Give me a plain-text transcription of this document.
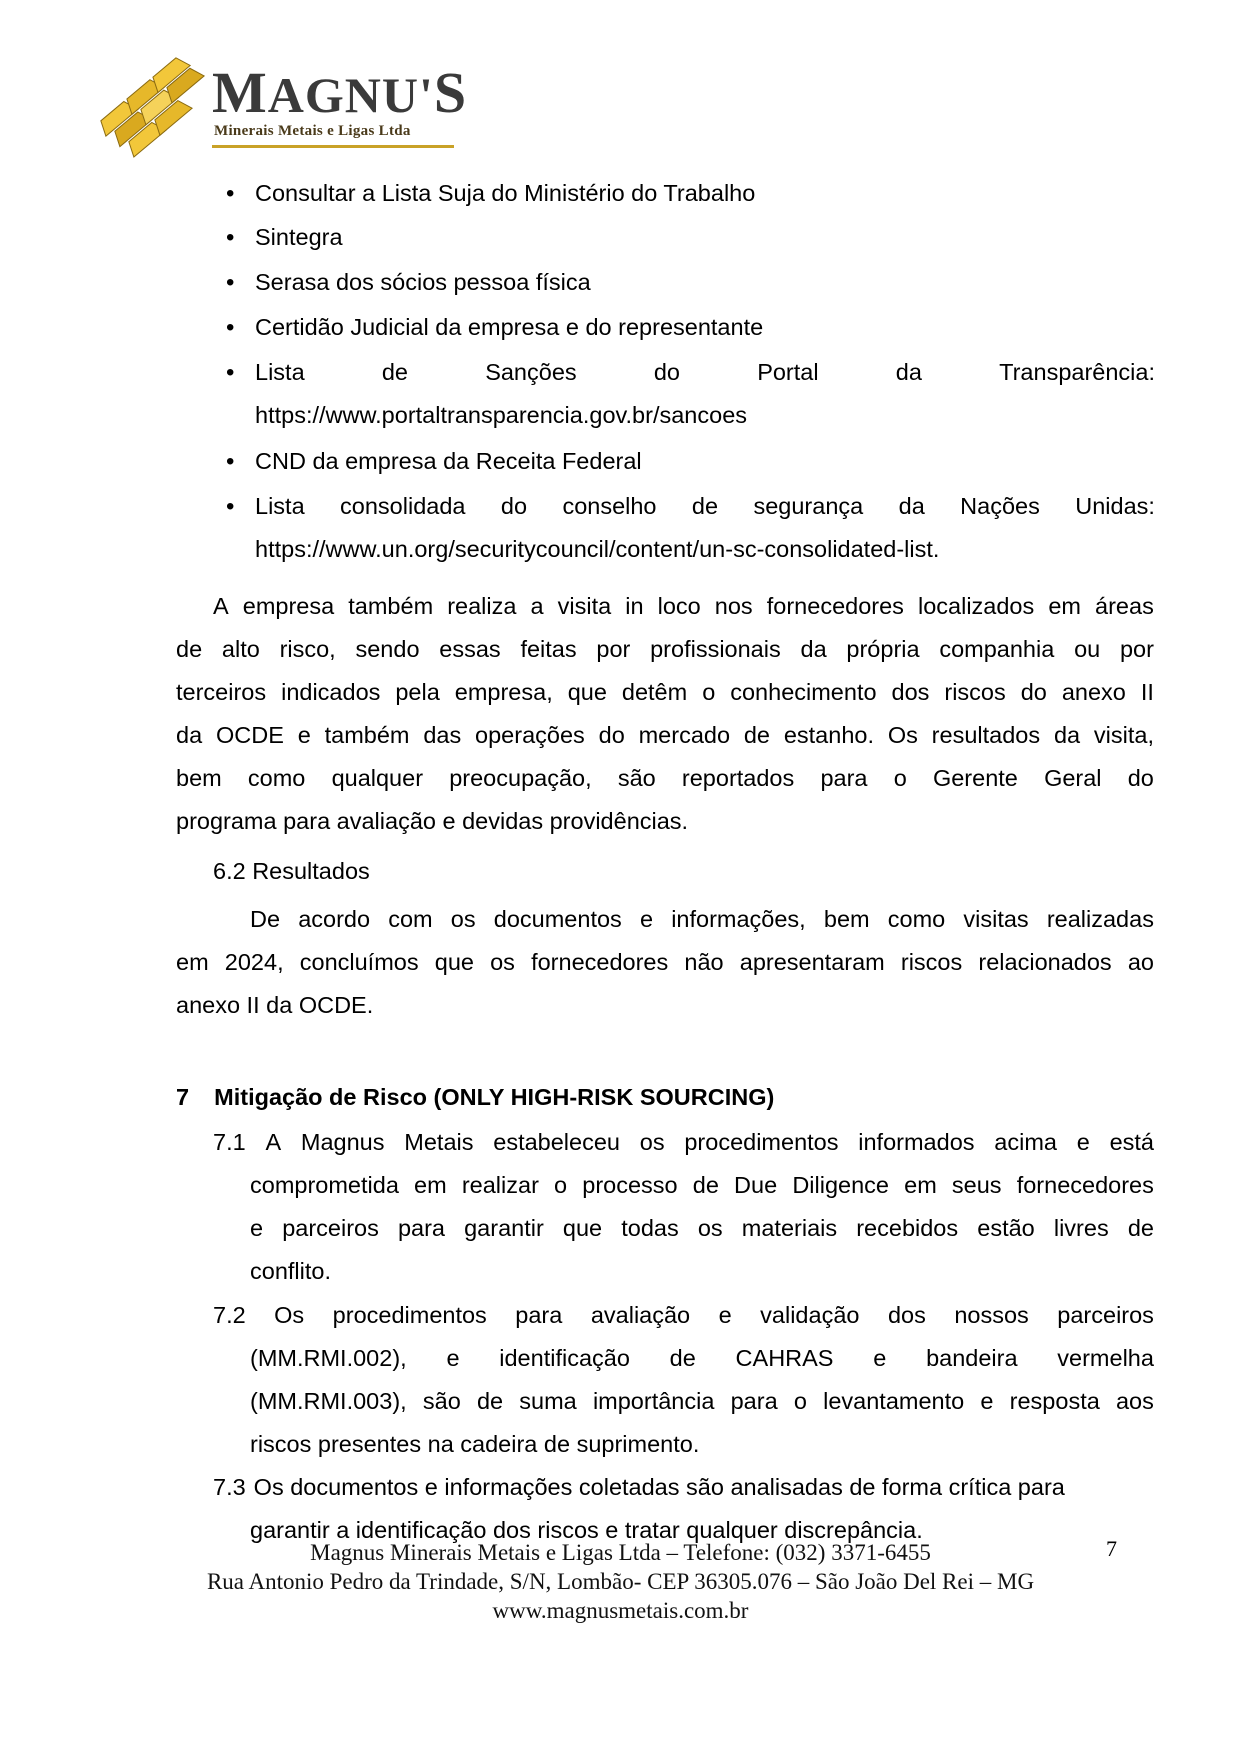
MAGNU'S
Minerais Metais e Ligas Ltda
• Consultar a Lista Suja do Ministério do Trabalho
• Sintegra
• Serasa dos sócios pessoa física
• Certidão Judicial da empresa e do representante
• Lista	de	Sanções	do	Portal	da	Transparência:
https://www.portaltransparencia.gov.br/sancoes
• CND da empresa da Receita Federal
• Lista consolidada do conselho de segurança da Nações Unidas:
https://www.un.org/securitycouncil/content/un-sc-consolidated-list.
A empresa também realiza a visita in loco nos fornecedores localizados em áreas
de alto risco, sendo essas feitas por profissionais da própria companhia ou por
terceiros indicados pela empresa, que detêm o conhecimento dos riscos do anexo II
da OCDE e também das operações do mercado de estanho. Os resultados da visita,
bem como qualquer preocupação, são reportados para o Gerente Geral do
programa para avaliação e devidas providências.
6.2 Resultados
De acordo com os documentos e informações, bem como visitas realizadas
em 2024, concluímos que os fornecedores não apresentaram riscos relacionados ao
anexo II da OCDE.
7 Mitigação de Risco (ONLY HIGH-RISK SOURCING)
7.1 A Magnus Metais estabeleceu os procedimentos informados acima e está
comprometida em realizar o processo de Due Diligence em seus fornecedores
e parceiros para garantir que todas os materiais recebidos estão livres de
conflito.
7.2 Os procedimentos para avaliação e validação dos nossos parceiros
(MM.RMI.002), e identificação de CAHRAS e bandeira vermelha
(MM.RMI.003), são de suma importância para o levantamento e resposta aos
riscos presentes na cadeira de suprimento.
7.3 Os documentos e informações coletadas são analisadas de forma crítica para
garantir a identificação dos riscos e tratar qualquer discrepância.
Magnus Minerais Metais e Ligas Ltda – Telefone: (032) 3371-6455
Rua Antonio Pedro da Trindade, S/N, Lombão- CEP 36305.076 – São João Del Rei – MG
www.magnusmetais.com.br
7
